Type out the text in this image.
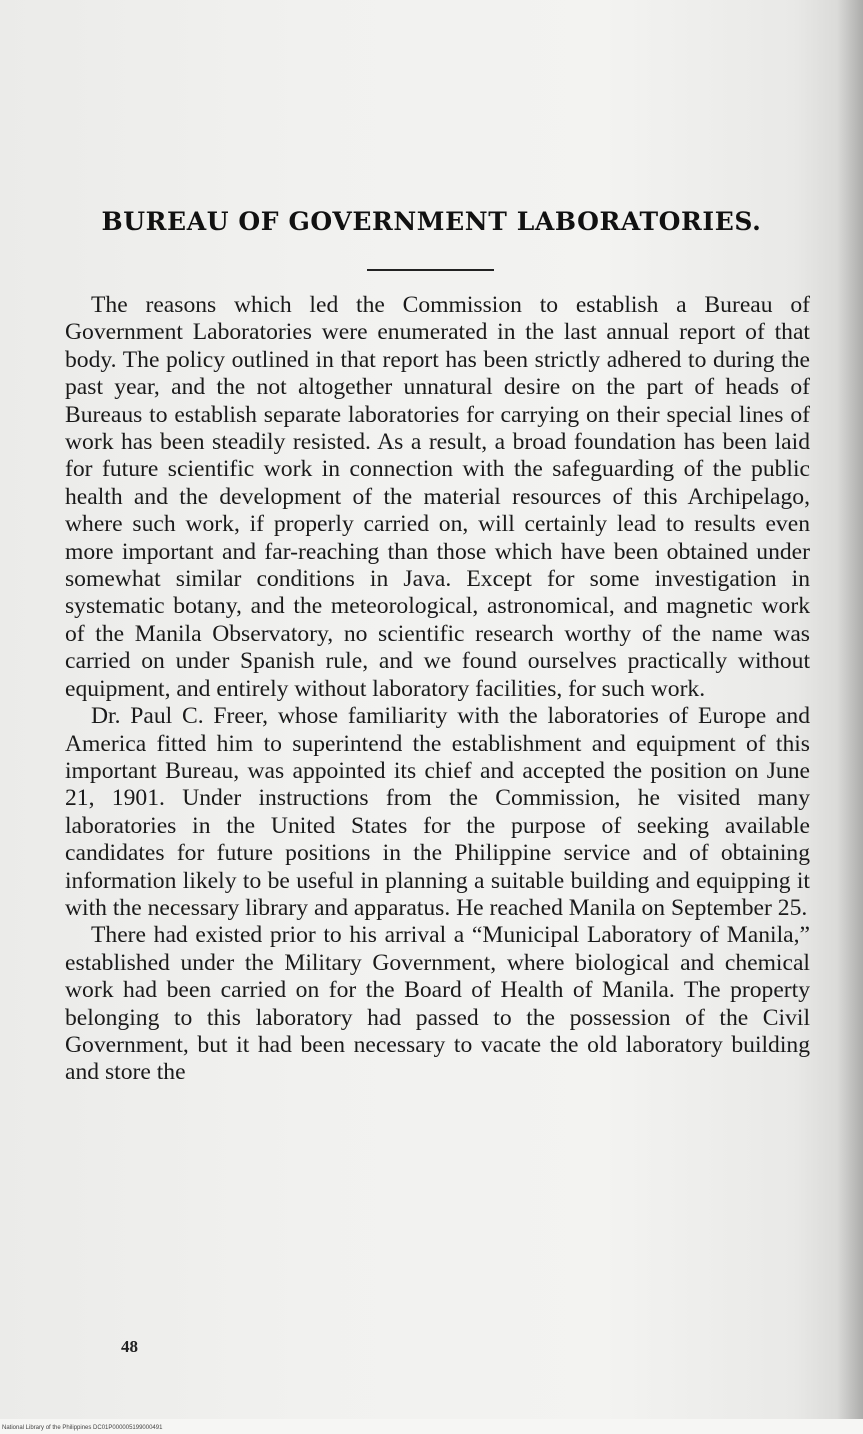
BUREAU OF GOVERNMENT LABORATORIES.

The reasons which led the Commission to establish a Bureau of Government Laboratories were enumerated in the last annual report of that body. The policy outlined in that report has been strictly adhered to during the past year, and the not altogether unnatural desire on the part of heads of Bureaus to establish separate laboratories for carrying on their special lines of work has been steadily resisted. As a result, a broad foundation has been laid for future scientific work in connection with the safeguarding of the public health and the development of the material resources of this Archipelago, where such work, if properly carried on, will certainly lead to results even more important and far-reaching than those which have been obtained under somewhat similar conditions in Java. Except for some investigation in systematic botany, and the meteorological, astronomical, and magnetic work of the Manila Observatory, no scientific research worthy of the name was carried on under Spanish rule, and we found ourselves practically without equipment, and entirely without laboratory facilities, for such work.

Dr. Paul C. Freer, whose familiarity with the laboratories of Europe and America fitted him to superintend the establishment and equipment of this important Bureau, was appointed its chief and accepted the position on June 21, 1901. Under instructions from the Commission, he visited many laboratories in the United States for the purpose of seeking available candidates for future positions in the Philippine service and of obtaining information likely to be useful in planning a suitable building and equipping it with the necessary library and apparatus. He reached Manila on September 25.

There had existed prior to his arrival a “Municipal Laboratory of Manila,” established under the Military Government, where biological and chemical work had been carried on for the Board of Health of Manila. The property belonging to this laboratory had passed to the possession of the Civil Government, but it had been necessary to vacate the old laboratory building and store the

48
National Library of the Philippines DC01P000005199000491
